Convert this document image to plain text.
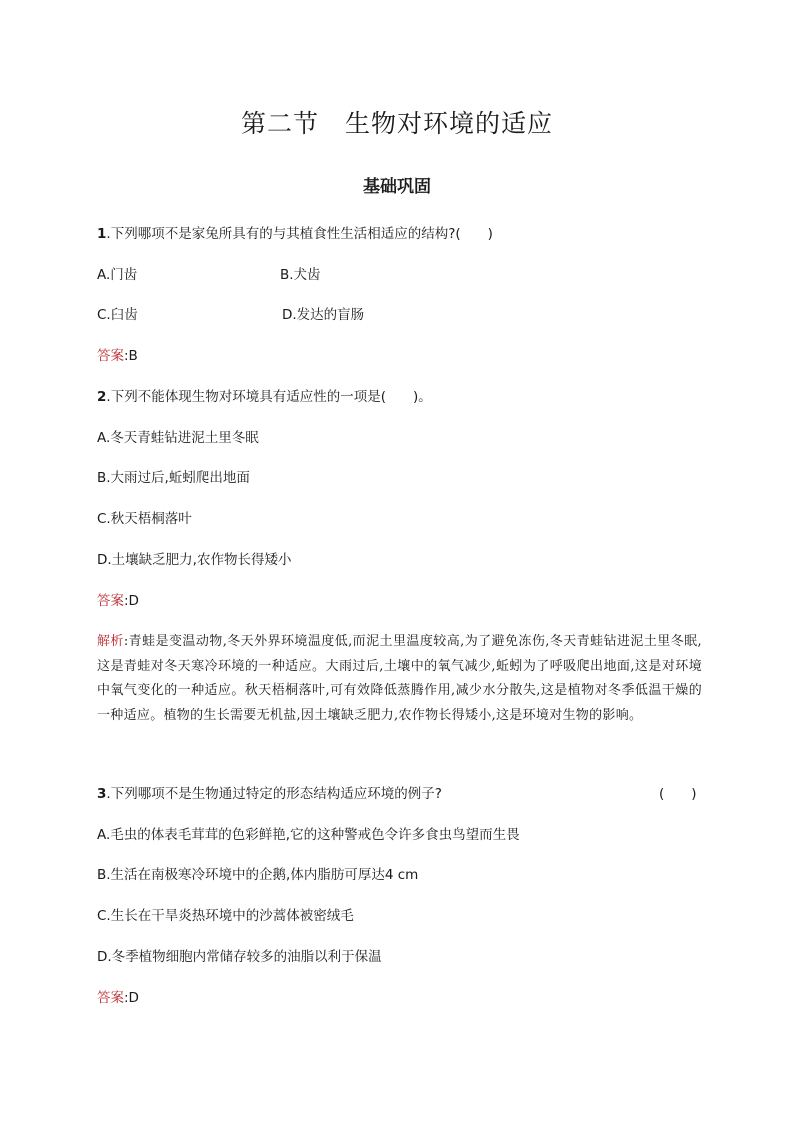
第二节 生物对环境的适应
基础巩固
1.下列哪项不是家兔所具有的与其植食性生活相适应的结构?(　　)
A.门齿	B.犬齿
C.臼齿	D.发达的盲肠
答案:B
2.下列不能体现生物对环境具有适应性的一项是(　　)。
A.冬天青蛙钻进泥土里冬眠
B.大雨过后,蚯蚓爬出地面
C.秋天梧桐落叶
D.土壤缺乏肥力,农作物长得矮小
答案:D
解析:青蛙是变温动物,冬天外界环境温度低,而泥土里温度较高,为了避免冻伤,冬天青蛙钻进泥土里冬眠,这是青蛙对冬天寒冷环境的一种适应。大雨过后,土壤中的氧气减少,蚯蚓为了呼吸爬出地面,这是对环境中氧气变化的一种适应。秋天梧桐落叶,可有效降低蒸腾作用,减少水分散失,这是植物对冬季低温干燥的一种适应。植物的生长需要无机盐,因土壤缺乏肥力,农作物长得矮小,这是环境对生物的影响。
3.下列哪项不是生物通过特定的形态结构适应环境的例子?	(　　)
A.毛虫的体表毛茸茸的色彩鲜艳,它的这种警戒色令许多食虫鸟望而生畏
B.生活在南极寒冷环境中的企鹅,体内脂肪可厚达4 cm
C.生长在干旱炎热环境中的沙蒿体被密绒毛
D.冬季植物细胞内常储存较多的油脂以利于保温
答案:D
